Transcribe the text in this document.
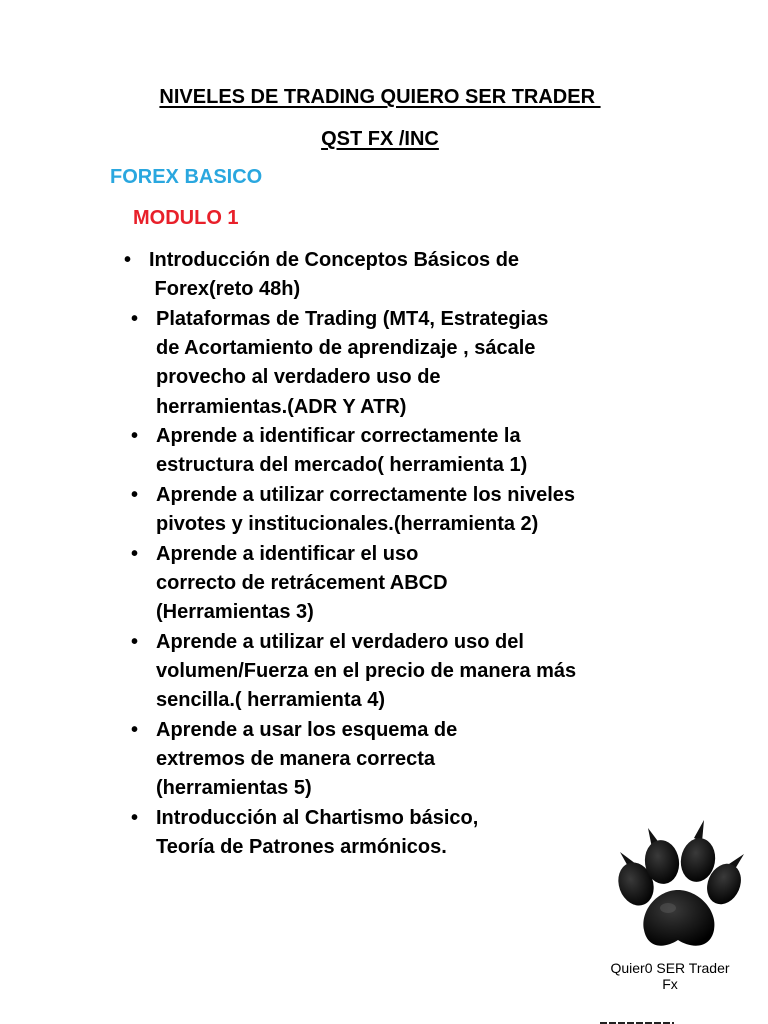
NIVELES DE TRADING QUIERO SER TRADER
QST FX /INC
FOREX BASICO
MODULO 1
• Introducción de Conceptos Básicos de
Forex(reto 48h)
• Plataformas de Trading (MT4, Estrategias
de Acortamiento de aprendizaje , sácale
provecho al verdadero uso de
herramientas.(ADR Y ATR)
• Aprende a identificar correctamente la
estructura del mercado( herramienta 1)
• Aprende a utilizar correctamente los niveles
pivotes y institucionales.(herramienta 2)
• Aprende a identificar el uso
correcto de retrácement ABCD
(Herramientas 3)
• Aprende a utilizar el verdadero uso del
volumen/Fuerza en el precio de manera más
sencilla.( herramienta 4)
• Aprende a usar los esquema de
extremos de manera correcta
(herramientas 5)
• Introducción al Chartismo básico,
Teoría de Patrones armónicos.
Quier0 SER Trader
Fx
